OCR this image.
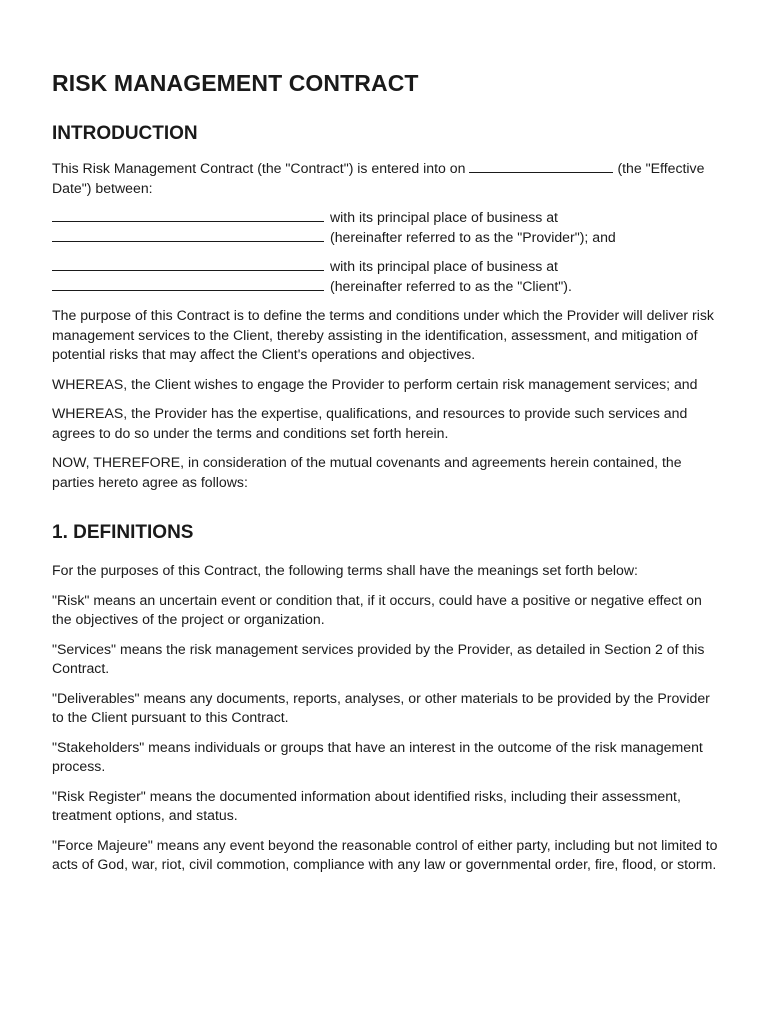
RISK MANAGEMENT CONTRACT
INTRODUCTION

This Risk Management Contract (the "Contract") is entered into on	(the "Effective Date") between:

with its principal place of business at
(hereinafter referred to as the "Provider"); and
with its principal place of business at
(hereinafter referred to as the "Client").

The purpose of this Contract is to define the terms and conditions under which the Provider will deliver risk management services to the Client, thereby assisting in the identification, assessment, and mitigation of potential risks that may affect the Client's operations and objectives.

WHEREAS, the Client wishes to engage the Provider to perform certain risk management services; and

WHEREAS, the Provider has the expertise, qualifications, and resources to provide such services and agrees to do so under the terms and conditions set forth herein.

NOW, THEREFORE, in consideration of the mutual covenants and agreements herein contained, the parties hereto agree as follows:

1. DEFINITIONS

For the purposes of this Contract, the following terms shall have the meanings set forth below:

"Risk" means an uncertain event or condition that, if it occurs, could have a positive or negative effect on the objectives of the project or organization.

"Services" means the risk management services provided by the Provider, as detailed in Section 2 of this Contract.

"Deliverables" means any documents, reports, analyses, or other materials to be provided by the Provider to the Client pursuant to this Contract.

"Stakeholders" means individuals or groups that have an interest in the outcome of the risk management process.

"Risk Register" means the documented information about identified risks, including their assessment, treatment options, and status.

"Force Majeure" means any event beyond the reasonable control of either party, including but not limited to acts of God, war, riot, civil commotion, compliance with any law or governmental order, fire, flood, or storm.
